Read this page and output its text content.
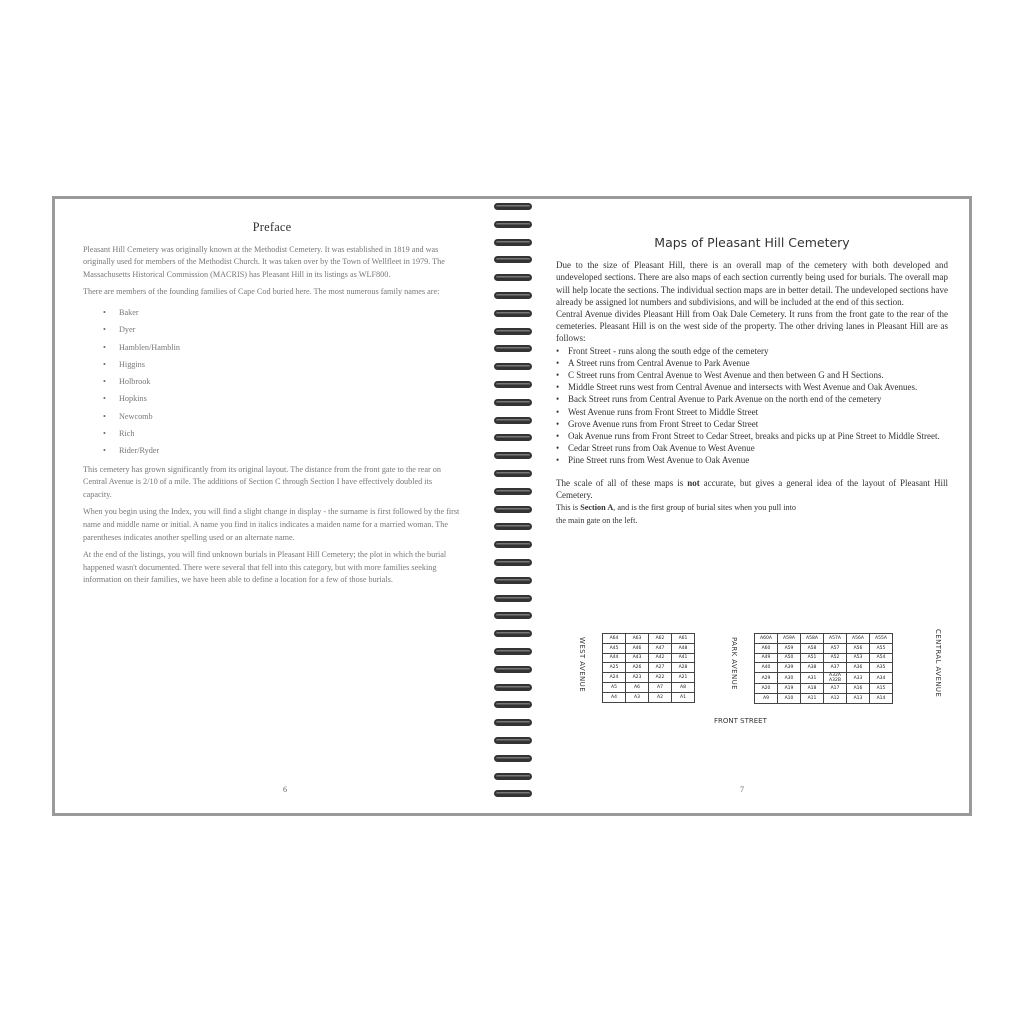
Preface

Pleasant Hill Cemetery was originally known at the Methodist Cemetery. It was established in 1819 and was originally used for members of the Methodist Church. It was taken over by the Town of Wellfleet in 1979. The Massachusetts Historical Commission (MACRIS) has Pleasant Hill in its listings as WLF800.

There are members of the founding families of Cape Cod buried here. The most numerous family names are:

• Baker
• Dyer
• Hamblen/Hamblin
• Higgins
• Holbrook
• Hopkins
• Newcomb
• Rich
• Rider/Ryder

This cemetery has grown significantly from its original layout. The distance from the front gate to the rear on Central Avenue is 2/10 of a mile. The additions of Section C through Section I have effectively doubled its capacity.

When you begin using the Index, you will find a slight change in display - the surname is first followed by the first name and middle name or initial. A name you find in italics indicates a maiden name for a married woman. The parentheses indicates another spelling used or an alternate name.

At the end of the listings, you will find unknown burials in Pleasant Hill Cemetery; the plot in which the burial happened wasn't documented. There were several that fell into this category, but with more families seeking information on their families, we have been able to define a location for a few of those burials.

6
Maps of Pleasant Hill Cemetery

Due to the size of Pleasant Hill, there is an overall map of the cemetery with both developed and undeveloped sections. There are also maps of each section currently being used for burials. The overall map will help locate the sections. The individual section maps are in better detail. The undeveloped sections have already be assigned lot numbers and subdivisions, and will be included at the end of this section.

Central Avenue divides Pleasant Hill from Oak Dale Cemetery. It runs from the front gate to the rear of the cemeteries. Pleasant Hill is on the west side of the property. The other driving lanes in Pleasant Hill are as follows:

• Front Street - runs along the south edge of the cemetery
• A Street runs from Central Avenue to Park Avenue
• C Street runs from Central Avenue to West Avenue and then between G and H Sections.
• Middle Street runs west from Central Avenue and intersects with West Avenue and Oak Avenues.
• Back Street runs from Central Avenue to Park Avenue on the north end of the cemetery
• West Avenue runs from Front Street to Middle Street
• Grove Avenue runs from Front Street to Cedar Street
• Oak Avenue runs from Front Street to Cedar Street, breaks and picks up at Pine Street to Middle Street.
• Cedar Street runs from Oak Avenue to West Avenue
• Pine Street runs from West Avenue to Oak Avenue

The scale of all of these maps is not accurate, but gives a general idea of the layout of Pleasant Hill Cemetery.

This is Section A, and is the first group of burial sites when you pull into the main gate on the left.

WEST AVENUE	A64	A63	A62	A61
A45	A46	A47	A48
A44	A43	A42	A41
A25	A26	A27	A28
A24	A23	A22	A21
A5	A6	A7	A8
A4	A3	A2	A1
PARK AVENUE	A60A	A59A	A58A	A57A	A56A	A55A
A60	A59	A58	A57	A56	A55
A49	A50	A51	A52	A53	A54
A40	A39	A38	A37	A36	A35
A29	A30	A31	A32A A32B	A33	A34
A20	A19	A18	A17	A16	A15
A9	A10	A11	A12	A13	A14
CENTRAL AVENUE
FRONT STREET
7
